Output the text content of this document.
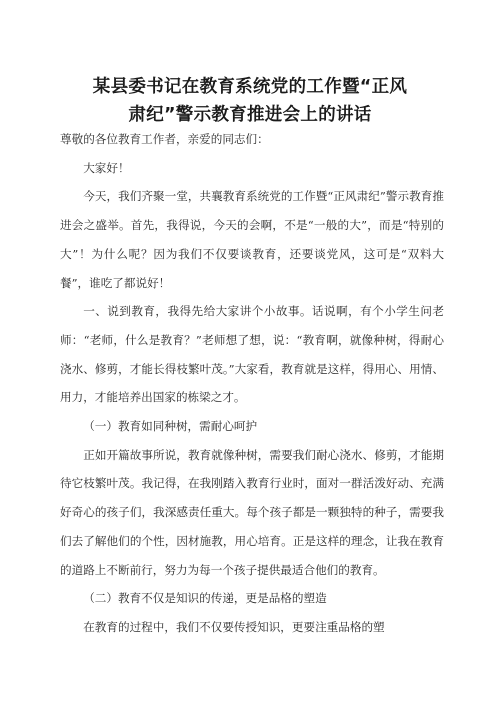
某县委书记在教育系统党的工作暨“正风
肃纪”警示教育推进会上的讲话

尊敬的各位教育工作者，亲爱的同志们：

大家好！

今天，我们齐聚一堂，共襄教育系统党的工作暨“正风肃纪”警示教育推进会之盛举。首先，我得说，今天的会啊，不是“一般的大”，而是“特别的大”！为什么呢？因为我们不仅要谈教育，还要谈党风，这可是“双料大餐”，谁吃了都说好！

一、说到教育，我得先给大家讲个小故事。话说啊，有个小学生问老师：“老师，什么是教育？”老师想了想，说：“教育啊，就像种树，得耐心浇水、修剪，才能长得枝繁叶茂。”大家看，教育就是这样，得用心、用情、用力，才能培养出国家的栋梁之才。

（一）教育如同种树，需耐心呵护

正如开篇故事所说，教育就像种树，需要我们耐心浇水、修剪，才能期待它枝繁叶茂。我记得，在我刚踏入教育行业时，面对一群活泼好动、充满好奇心的孩子们，我深感责任重大。每个孩子都是一颗独特的种子，需要我们去了解他们的个性，因材施教，用心培育。正是这样的理念，让我在教育的道路上不断前行，努力为每一个孩子提供最适合他们的教育。

（二）教育不仅是知识的传递，更是品格的塑造

在教育的过程中，我们不仅要传授知识，更要注重品格的塑
